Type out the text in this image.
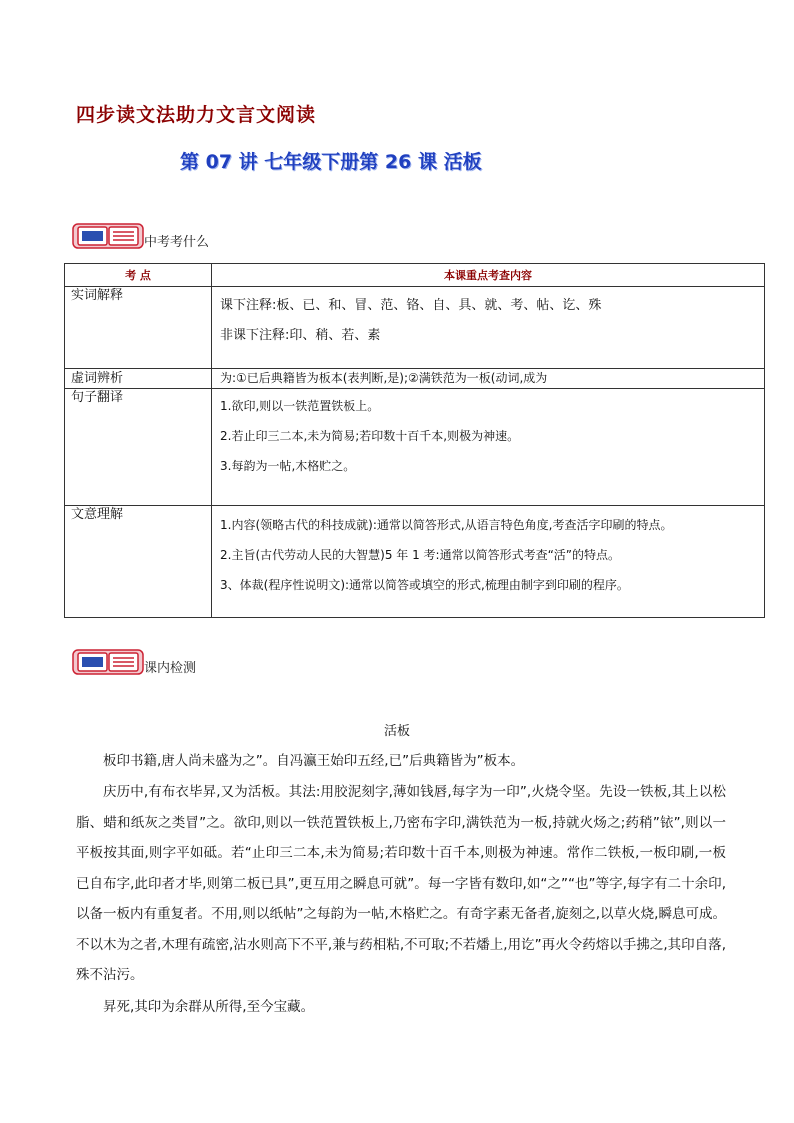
四步读文法助力文言文阅读
第 07 讲 七年级下册第 26 课 活板
中考考什么
考 点	本课重点考查内容

实词解释	课下注释:板、已、和、冒、范、铬、自、具、就、考、帖、讫、殊
非课下注释:印、稍、若、素

虚词辨析	为:①已后典籍皆为板本(表判断,是);②满铁范为一板(动词,成为

句子翻译	1.欲印,则以一铁范置铁板上。
2.若止印三二本,未为简易;若印数十百千本,则极为神速。
3.每韵为一帖,木格贮之。

文意理解	1.内容(领略古代的科技成就):通常以简答形式,从语言特色角度,考查活字印刷的特点。
2.主旨(古代劳动人民的大智慧)5 年 1 考:通常以简答形式考查“活”的特点。
3、体裁(程序性说明文):通常以简答或填空的形式,梳理由制字到印刷的程序。
课内检测
活板
板印书籍,唐人尚未盛为之”。自冯瀛王始印五经,已”后典籍皆为”板本。
庆历中,有布衣毕昇,又为活板。其法:用胶泥刻字,薄如钱唇,每字为一印”,火烧令坚。先设一铁板,其上以松脂、蜡和纸灰之类冒”之。欲印,则以一铁范置铁板上,乃密布字印,满铁范为一板,持就火炀之;药稍”铱”,则以一平板按其面,则字平如砥。若“止印三二本,未为简易;若印数十百千本,则极为神速。常作二铁板,一板印刷,一板已自布字,此印者才毕,则第二板已具”,更互用之瞬息可就”。每一字皆有数印,如“之”“也”等字,每字有二十余印,以备一板内有重复者。不用,则以纸帖”之每韵为一帖,木格贮之。有奇字素无备者,旋刻之,以草火烧,瞬息可成。不以木为之者,木理有疏密,沾水则高下不平,兼与药相粘,不可取;不若燔上,用讫”再火令药熔以手拂之,其印自落,殊不沾污。
昇死,其印为余群从所得,至今宝藏。
